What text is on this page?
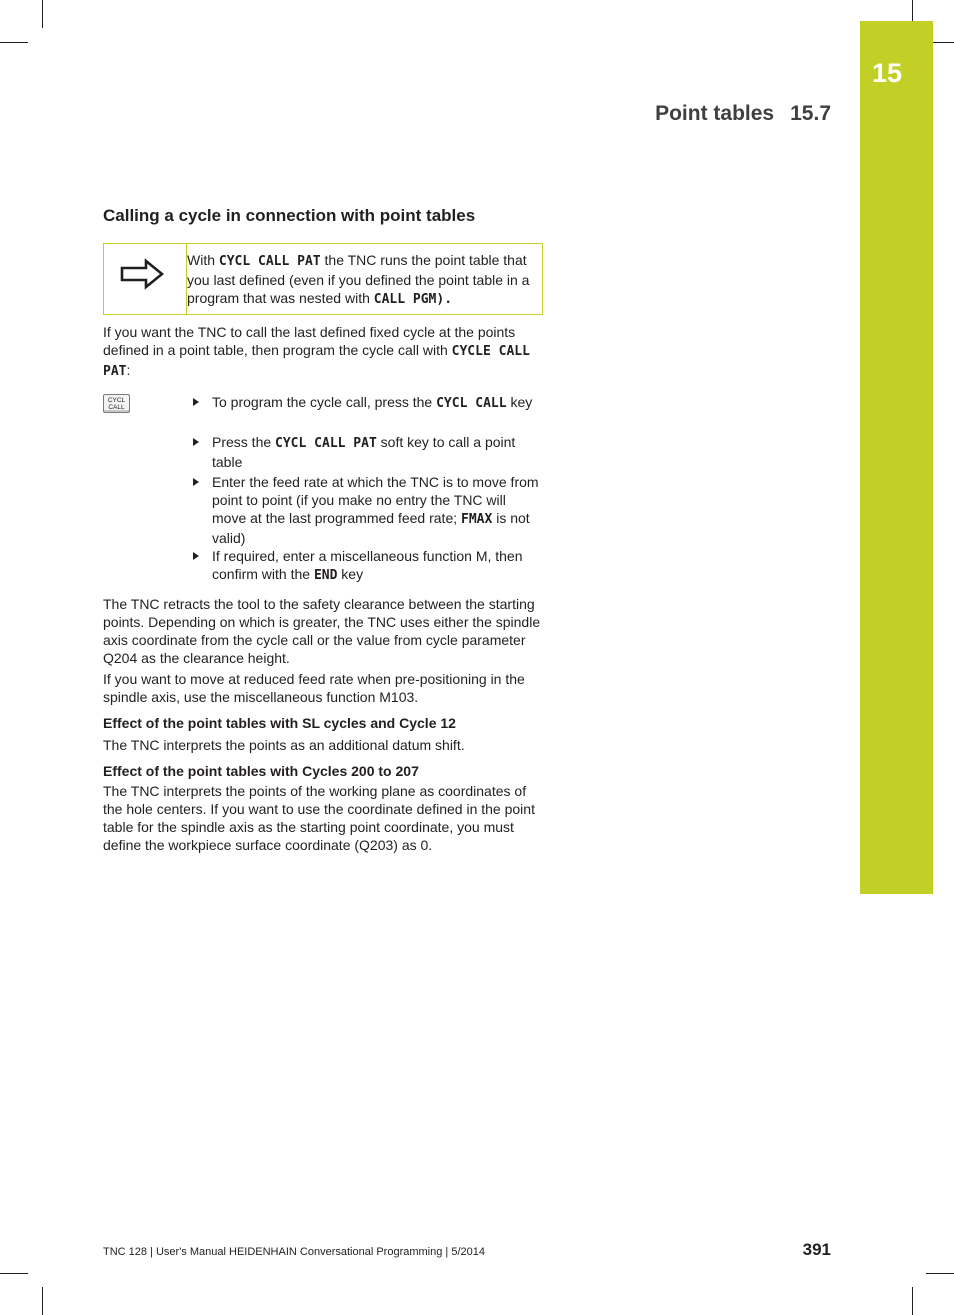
15
Point tables 15.7
Calling a cycle in connection with point tables
With CYCL CALL PAT the TNC runs the point table that you last defined (even if you defined the point table in a program that was nested with CALL PGM).

If you want the TNC to call the last defined fixed cycle at the points defined in a point table, then program the cycle call with CYCLE CALL PAT:

CYCL
CALL	To program the cycle call, press the CYCL CALL key

Press the CYCL CALL PAT soft key to call a point table

Enter the feed rate at which the TNC is to move from point to point (if you make no entry the TNC will move at the last programmed feed rate; FMAX is not valid)

If required, enter a miscellaneous function M, then confirm with the END key

The TNC retracts the tool to the safety clearance between the starting points. Depending on which is greater, the TNC uses either the spindle axis coordinate from the cycle call or the value from cycle parameter Q204 as the clearance height.

If you want to move at reduced feed rate when pre-positioning in the spindle axis, use the miscellaneous function M103.

Effect of the point tables with SL cycles and Cycle 12

The TNC interprets the points as an additional datum shift.

Effect of the point tables with Cycles 200 to 207

The TNC interprets the points of the working plane as coordinates of the hole centers. If you want to use the coordinate defined in the point table for the spindle axis as the starting point coordinate, you must define the workpiece surface coordinate (Q203) as 0.

TNC 128 | User's Manual HEIDENHAIN Conversational Programming | 5/2014	391
